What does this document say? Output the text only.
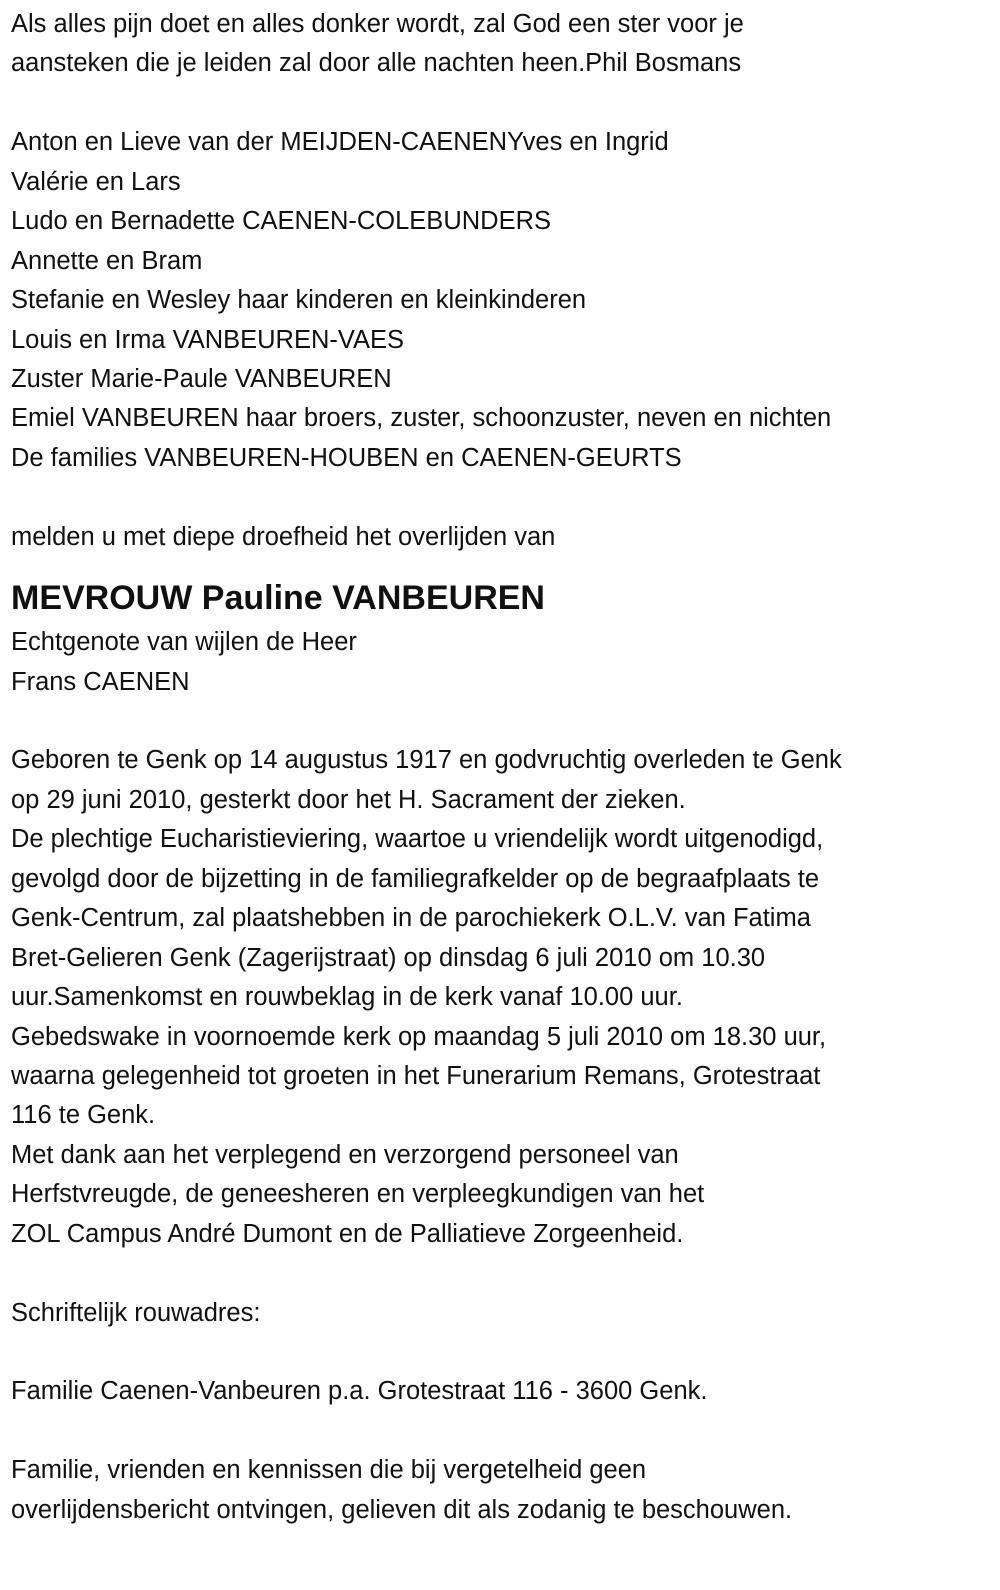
Als alles pijn doet en alles donker wordt, zal God een ster voor je
aansteken die je leiden zal door alle nachten heen.Phil Bosmans
Anton en Lieve van der MEIJDEN-CAENENYves en Ingrid
Valérie en Lars
Ludo en Bernadette CAENEN-COLEBUNDERS
Annette en Bram
Stefanie en Wesley haar kinderen en kleinkinderen
Louis en Irma VANBEUREN-VAES
Zuster Marie-Paule VANBEUREN
Emiel VANBEUREN haar broers, zuster, schoonzuster, neven en nichten
De families VANBEUREN-HOUBEN en CAENEN-GEURTS
melden u met diepe droefheid het overlijden van
MEVROUW Pauline VANBEUREN
Echtgenote van wijlen de Heer
Frans CAENEN
Geboren te Genk op 14 augustus 1917 en godvruchtig overleden te Genk
op 29 juni 2010, gesterkt door het H. Sacrament der zieken.
De plechtige Eucharistieviering, waartoe u vriendelijk wordt uitgenodigd,
gevolgd door de bijzetting in de familiegrafkelder op de begraafplaats te
Genk-Centrum, zal plaatshebben in de parochiekerk O.L.V. van Fatima
Bret-Gelieren Genk (Zagerijstraat) op dinsdag 6 juli 2010 om 10.30
uur.Samenkomst en rouwbeklag in de kerk vanaf 10.00 uur.
Gebedswake in voornoemde kerk op maandag 5 juli 2010 om 18.30 uur,
waarna gelegenheid tot groeten in het Funerarium Remans, Grotestraat
116 te Genk.
Met dank aan het verplegend en verzorgend personeel van
Herfstvreugde, de geneesheren en verpleegkundigen van het
ZOL Campus André Dumont en de Palliatieve Zorgeenheid.
Schriftelijk rouwadres:
Familie Caenen-Vanbeuren p.a. Grotestraat 116 - 3600 Genk.
Familie, vrienden en kennissen die bij vergetelheid geen
overlijdensbericht ontvingen, gelieven dit als zodanig te beschouwen.
